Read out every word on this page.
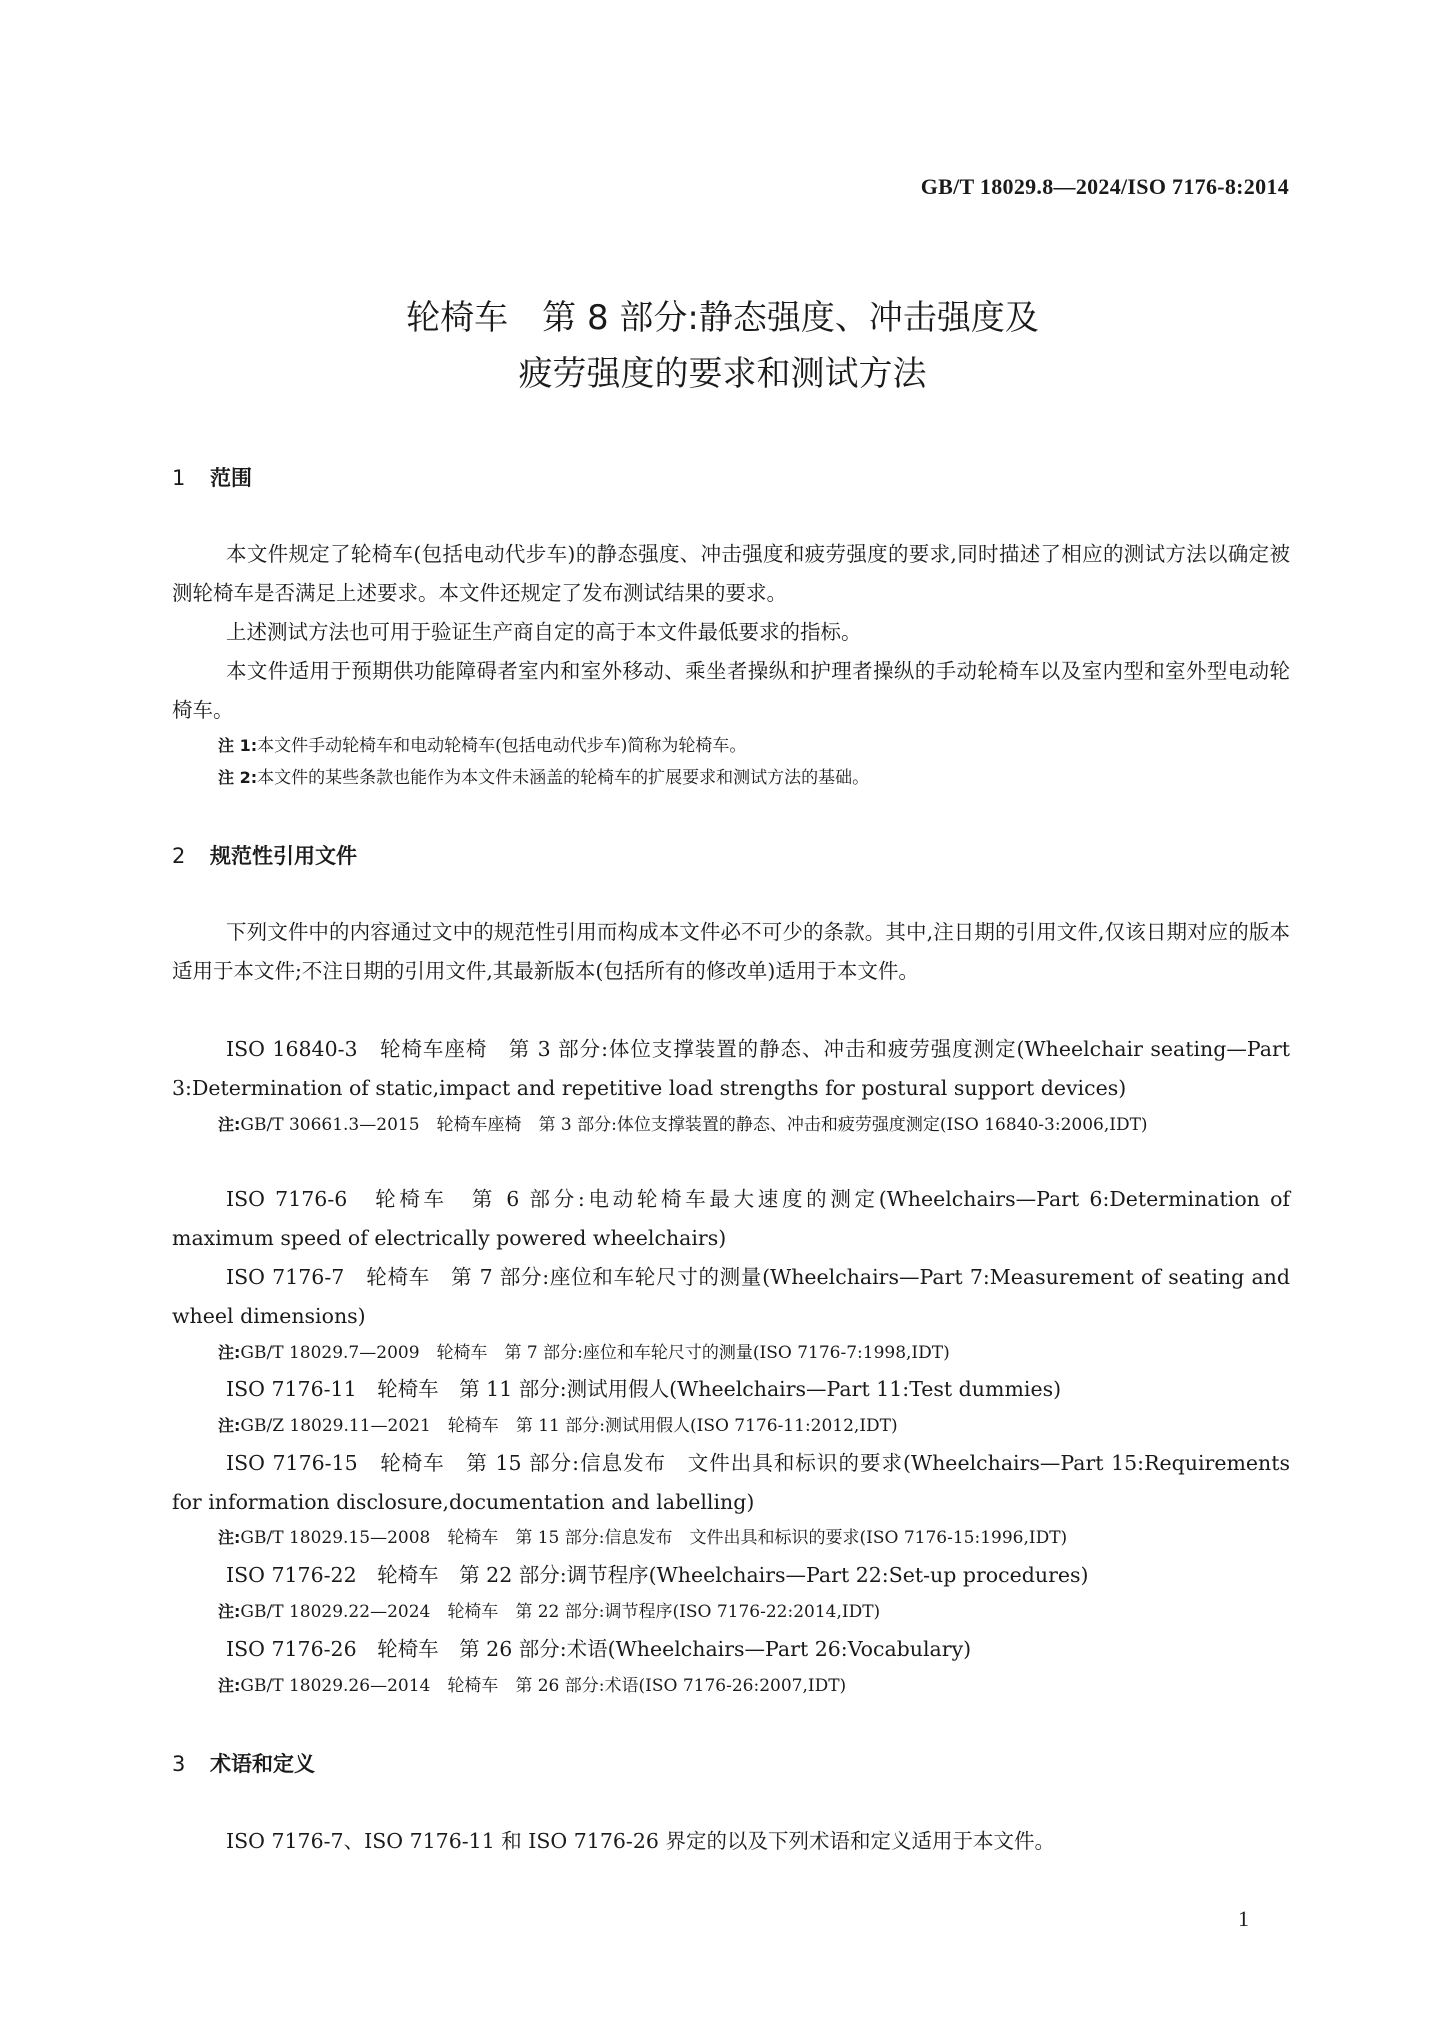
GB/T 18029.8—2024/ISO 7176-8:2014
轮椅车　第 8 部分:静态强度、冲击强度及
疲劳强度的要求和测试方法
1 范围
本文件规定了轮椅车(包括电动代步车)的静态强度、冲击强度和疲劳强度的要求,同时描述了相应的测试方法以确定被测轮椅车是否满足上述要求。本文件还规定了发布测试结果的要求。
上述测试方法也可用于验证生产商自定的高于本文件最低要求的指标。
本文件适用于预期供功能障碍者室内和室外移动、乘坐者操纵和护理者操纵的手动轮椅车以及室内型和室外型电动轮椅车。
注 1:本文件手动轮椅车和电动轮椅车(包括电动代步车)简称为轮椅车。
注 2:本文件的某些条款也能作为本文件未涵盖的轮椅车的扩展要求和测试方法的基础。
2 规范性引用文件
下列文件中的内容通过文中的规范性引用而构成本文件必不可少的条款。其中,注日期的引用文件,仅该日期对应的版本适用于本文件;不注日期的引用文件,其最新版本(包括所有的修改单)适用于本文件。
ISO 16840-3　 轮椅车座椅　第 3 部分:体位支撑装置的静态、冲击和疲劳强度测定(Wheelchair seating—Part 3:Determination of static,impact and repetitive load strengths for postural support devices)
注:GB/T 30661.3—2015　轮椅车座椅　第 3 部分:体位支撑装置的静态、冲击和疲劳强度测定(ISO 16840-3:2006,IDT)
ISO 7176-6　 轮椅车　第 6 部分:电动轮椅车最大速度的测定(Wheelchairs—Part 6:Determination of maximum speed of electrically powered wheelchairs)
ISO 7176-7　 轮椅车　第 7 部分:座位和车轮尺寸的测量(Wheelchairs—Part 7:Measurement of seating and wheel dimensions)
注:GB/T 18029.7—2009　轮椅车　第 7 部分:座位和车轮尺寸的测量(ISO 7176-7:1998,IDT)
ISO 7176-11　 轮椅车　第 11 部分:测试用假人(Wheelchairs—Part 11:Test dummies)
注:GB/Z 18029.11—2021　轮椅车　第 11 部分:测试用假人(ISO 7176-11:2012,IDT)
ISO 7176-15　 轮椅车　第 15 部分:信息发布　文件出具和标识的要求(Wheelchairs—Part 15:Requirements for information disclosure,documentation and labelling)
注:GB/T 18029.15—2008　轮椅车　第 15 部分:信息发布　文件出具和标识的要求(ISO 7176-15:1996,IDT)
ISO 7176-22　 轮椅车　第 22 部分:调节程序(Wheelchairs—Part 22:Set-up procedures)
注:GB/T 18029.22—2024　轮椅车　第 22 部分:调节程序(ISO 7176-22:2014,IDT)
ISO 7176-26　 轮椅车　第 26 部分:术语(Wheelchairs—Part 26:Vocabulary)
注:GB/T 18029.26—2014　轮椅车　第 26 部分:术语(ISO 7176-26:2007,IDT)
3 术语和定义
ISO 7176-7、ISO 7176-11 和 ISO 7176-26 界定的以及下列术语和定义适用于本文件。
1
